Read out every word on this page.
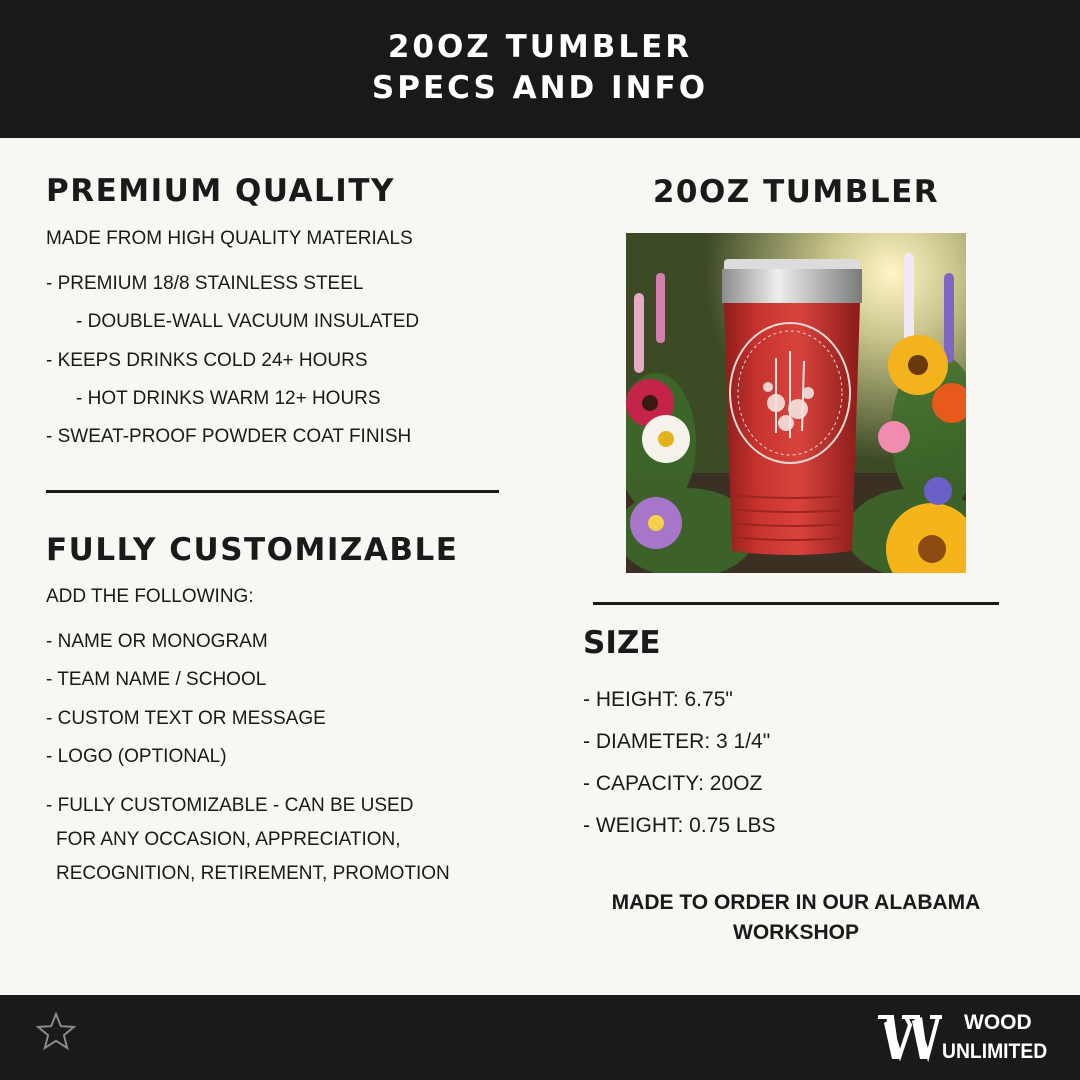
20OZ TUMBLER
SPECS AND INFO
PREMIUM QUALITY
MADE FROM HIGH QUALITY MATERIALS
- PREMIUM 18/8 STAINLESS STEEL
- DOUBLE-WALL VACUUM INSULATED
- KEEPS DRINKS COLD 24+ HOURS
- HOT DRINKS WARM 12+ HOURS
- SWEAT-PROOF POWDER COAT FINISH
FULLY CUSTOMIZABLE
ADD THE FOLLOWING:
- NAME OR MONOGRAM
- TEAM NAME / SCHOOL
- CUSTOM TEXT OR MESSAGE
- LOGO (OPTIONAL)
- FULLY CUSTOMIZABLE - CAN BE USED
FOR ANY OCCASION, APPRECIATION,
RECOGNITION, RETIREMENT, PROMOTION
20OZ TUMBLER
SIZE
- HEIGHT: 6.75"
- DIAMETER: 3 1/4"
- CAPACITY: 20OZ
- WEIGHT: 0.75 LBS
MADE TO ORDER IN OUR ALABAMA
WORKSHOP
WOOD
UNLIMITED
